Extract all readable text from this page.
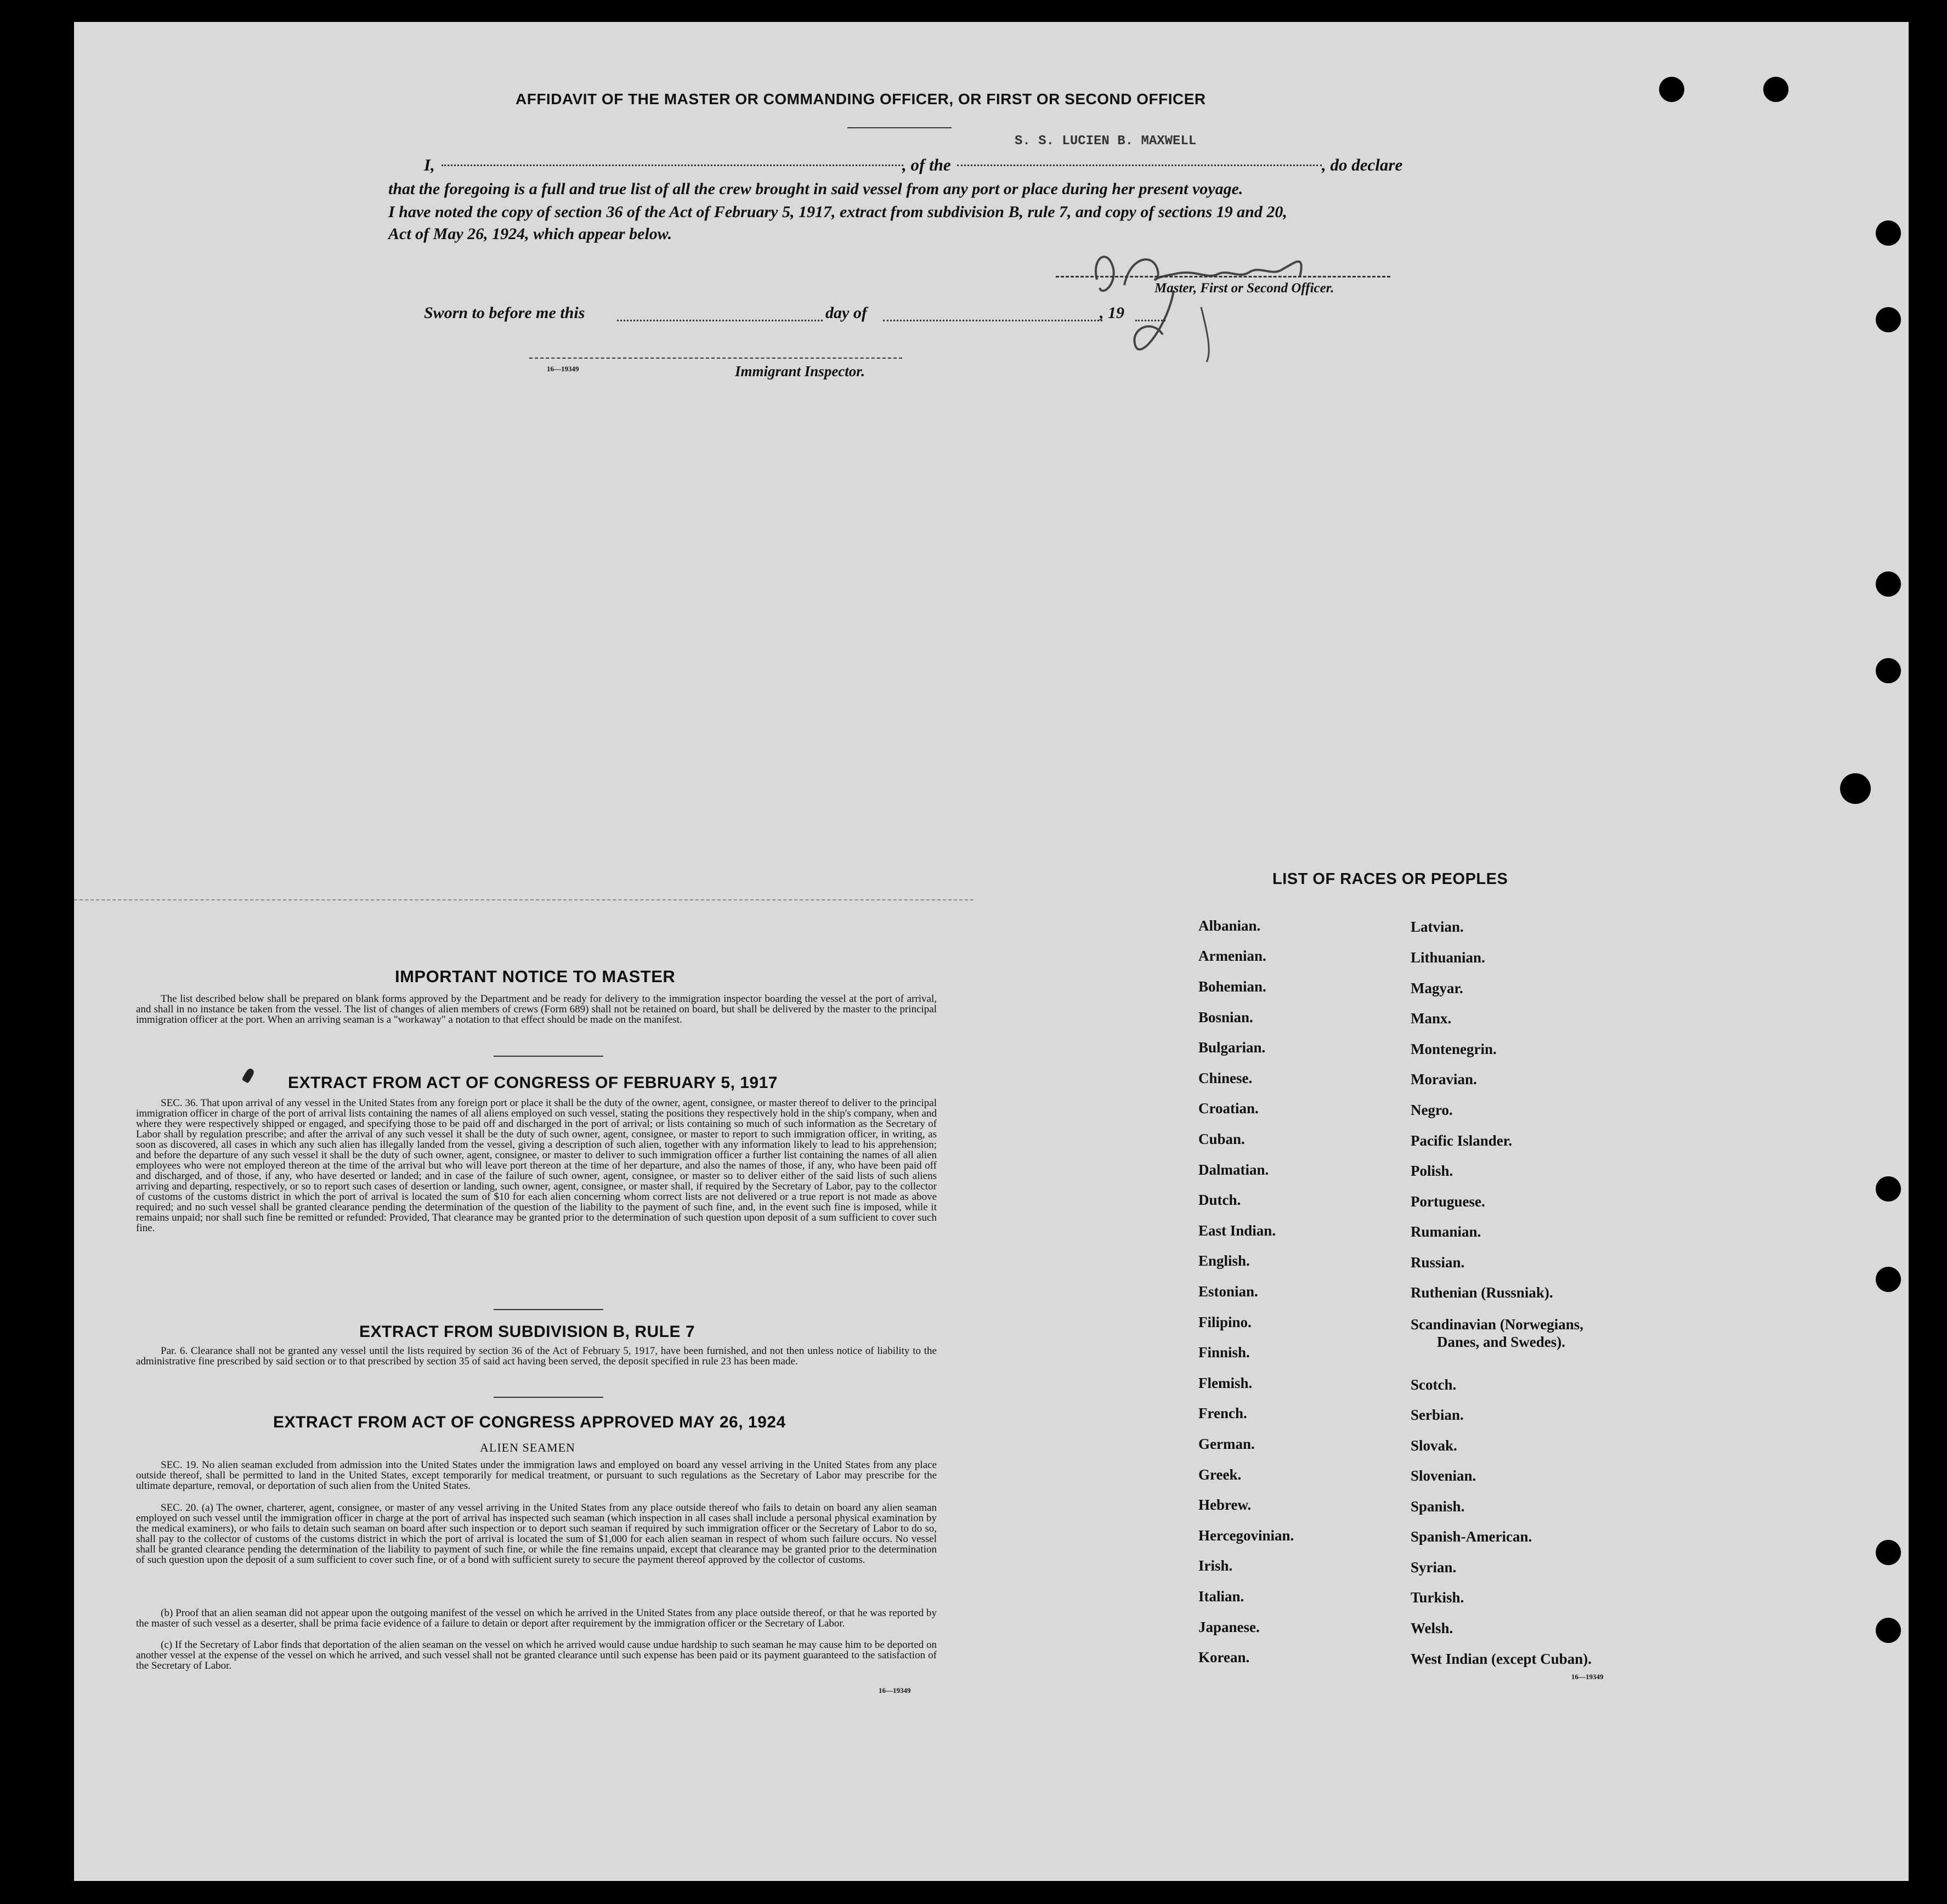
AFFIDAVIT OF THE MASTER OR COMMANDING OFFICER, OR FIRST OR SECOND OFFICER
S. S. LUCIEN B. MAXWELL
I,	, of the	, do declare
that the foregoing is a full and true list of all the crew brought in said vessel from any port or place during her present voyage.
I have noted the copy of section 36 of the Act of February 5, 1917, extract from subdivision B, rule 7, and copy of sections 19 and 20,
Act of May 26, 1924, which appear below.
Master, First or Second Officer.
Sworn to before me this	day of	, 19
16—19349	Immigrant Inspector.
IMPORTANT NOTICE TO MASTER
The list described below shall be prepared on blank forms approved by the Department and be ready for delivery to the immigration inspector boarding the vessel at the port of arrival, and shall in no instance be taken from the vessel. The list of changes of alien members of crews (Form 689) shall not be retained on board, but shall be delivered by the master to the principal immigration officer at the port. When an arriving seaman is a "workaway" a notation to that effect should be made on the manifest.
EXTRACT FROM ACT OF CONGRESS OF FEBRUARY 5, 1917
SEC. 36. That upon arrival of any vessel in the United States from any foreign port or place it shall be the duty of the owner, agent, consignee, or master thereof to deliver to the principal immigration officer in charge of the port of arrival lists containing the names of all aliens employed on such vessel, stating the positions they respectively hold in the ship's company, when and where they were respectively shipped or engaged, and specifying those to be paid off and discharged in the port of arrival; or lists containing so much of such information as the Secretary of Labor shall by regulation prescribe; and after the arrival of any such vessel it shall be the duty of such owner, agent, consignee, or master to report to such immigration officer, in writing, as soon as discovered, all cases in which any such alien has illegally landed from the vessel, giving a description of such alien, together with any information likely to lead to his apprehension; and before the departure of any such vessel it shall be the duty of such owner, agent, consignee, or master to deliver to such immigration officer a further list containing the names of all alien employees who were not employed thereon at the time of the arrival but who will leave port thereon at the time of her departure, and also the names of those, if any, who have been paid off and discharged, and of those, if any, who have deserted or landed; and in case of the failure of such owner, agent, consignee, or master so to deliver either of the said lists of such aliens arriving and departing, respectively, or so to report such cases of desertion or landing, such owner, agent, consignee, or master shall, if required by the Secretary of Labor, pay to the collector of customs of the customs district in which the port of arrival is located the sum of $10 for each alien concerning whom correct lists are not delivered or a true report is not made as above required; and no such vessel shall be granted clearance pending the determination of the question of the liability to the payment of such fine, and, in the event such fine is imposed, while it remains unpaid; nor shall such fine be remitted or refunded: Provided, That clearance may be granted prior to the determination of such question upon deposit of a sum sufficient to cover such fine.
EXTRACT FROM SUBDIVISION B, RULE 7
Par. 6. Clearance shall not be granted any vessel until the lists required by section 36 of the Act of February 5, 1917, have been furnished, and not then unless notice of liability to the administrative fine prescribed by said section or to that prescribed by section 35 of said act having been served, the deposit specified in rule 23 has been made.
EXTRACT FROM ACT OF CONGRESS APPROVED MAY 26, 1924
ALIEN SEAMEN
SEC. 19. No alien seaman excluded from admission into the United States under the immigration laws and employed on board any vessel arriving in the United States from any place outside thereof, shall be permitted to land in the United States, except temporarily for medical treatment, or pursuant to such regulations as the Secretary of Labor may prescribe for the ultimate departure, removal, or deportation of such alien from the United States.
SEC. 20. (a) The owner, charterer, agent, consignee, or master of any vessel arriving in the United States from any place outside thereof who fails to detain on board any alien seaman employed on such vessel until the immigration officer in charge at the port of arrival has inspected such seaman (which inspection in all cases shall include a personal physical examination by the medical examiners), or who fails to detain such seaman on board after such inspection or to deport such seaman if required by such immigration officer or the Secretary of Labor to do so, shall pay to the collector of customs of the customs district in which the port of arrival is located the sum of $1,000 for each alien seaman in respect of whom such failure occurs. No vessel shall be granted clearance pending the determination of the liability to payment of such fine, or while the fine remains unpaid, except that clearance may be granted prior to the determination of such question upon the deposit of a sum sufficient to cover such fine, or of a bond with sufficient surety to secure the payment thereof approved by the collector of customs.
(b) Proof that an alien seaman did not appear upon the outgoing manifest of the vessel on which he arrived in the United States from any place outside thereof, or that he was reported by the master of such vessel as a deserter, shall be prima facie evidence of a failure to detain or deport after requirement by the immigration officer or the Secretary of Labor.
(c) If the Secretary of Labor finds that deportation of the alien seaman on the vessel on which he arrived would cause undue hardship to such seaman he may cause him to be deported on another vessel at the expense of the vessel on which he arrived, and such vessel shall not be granted clearance until such expense has been paid or its payment guaranteed to the satisfaction of the Secretary of Labor.
16—19349
LIST OF RACES OR PEOPLES
Albanian.
Armenian.
Bohemian.
Bosnian.
Bulgarian.
Chinese.
Croatian.
Cuban.
Dalmatian.
Dutch.
East Indian.
English.
Estonian.
Filipino.
Finnish.
Flemish.
French.
German.
Greek.
Hebrew.
Hercegovinian.
Irish.
Italian.
Japanese.
Korean.
Latvian.
Lithuanian.
Magyar.
Manx.
Montenegrin.
Moravian.
Negro.
Pacific Islander.
Polish.
Portuguese.
Rumanian.
Russian.
Ruthenian (Russniak).
Scandinavian (Norwegians,
Danes, and Swedes).
Scotch.
Serbian.
Slovak.
Slovenian.
Spanish.
Spanish-American.
Syrian.
Turkish.
Welsh.
West Indian (except Cuban).
16—19349
